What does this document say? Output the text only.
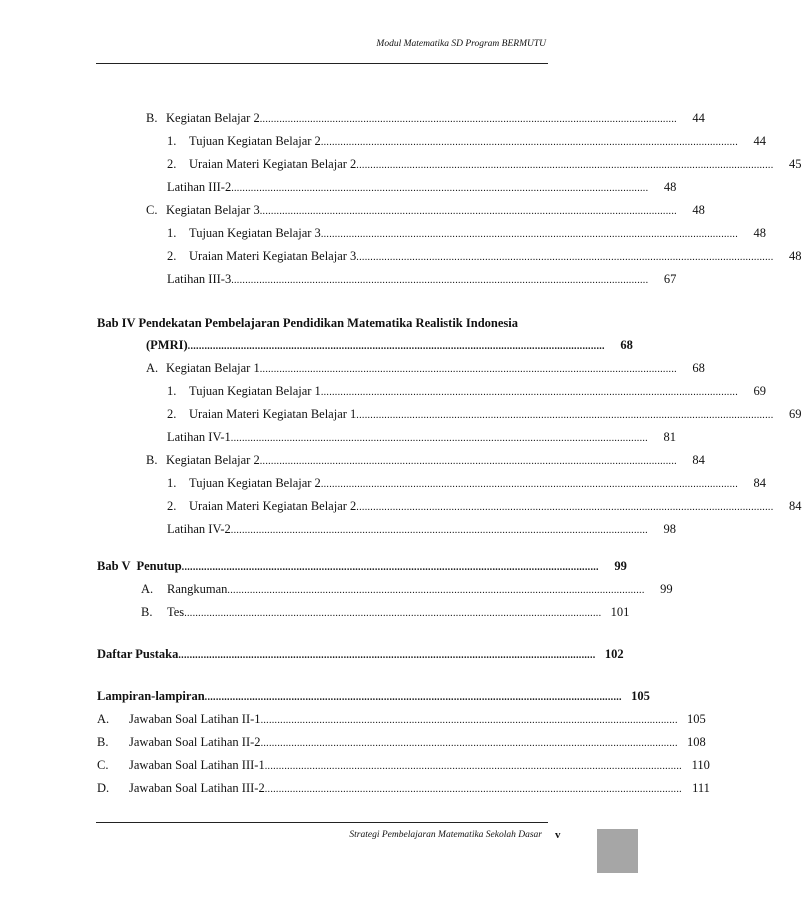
Modul Matematika SD Program BERMUTU
B. Kegiatan Belajar 2 .....................................................................................................................................................	44
1.	Tujuan Kegiatan Belajar 2 .....................................................................................................................................................	44
2.	Uraian Materi Kegiatan Belajar 2 .....................................................................................................................................................	45
Latihan III-2 .....................................................................................................................................................	48
C. Kegiatan Belajar 3 .....................................................................................................................................................	48
1.	Tujuan Kegiatan Belajar 3 .....................................................................................................................................................	48
2.	Uraian Materi Kegiatan Belajar 3 .....................................................................................................................................................	48
Latihan III-3 .....................................................................................................................................................	67
Bab IV Pendekatan Pembelajaran Pendidikan Matematika Realistik Indonesia
(PMRI) .....................................................................................................................................................	68
A. Kegiatan Belajar 1 .....................................................................................................................................................	68
1.	Tujuan Kegiatan Belajar 1 .....................................................................................................................................................	69
2.	Uraian Materi Kegiatan Belajar 1 .....................................................................................................................................................	69
Latihan IV-1 .....................................................................................................................................................	81
B. Kegiatan Belajar 2 .....................................................................................................................................................	84
1.	Tujuan Kegiatan Belajar 2 .....................................................................................................................................................	84
2.	Uraian Materi Kegiatan Belajar 2 .....................................................................................................................................................	84
Latihan IV-2 .....................................................................................................................................................	98
Bab V  Penutup .....................................................................................................................................................	99
A.	Rangkuman .....................................................................................................................................................	99
B.	Tes ..................................................................................................................................................... 101
Daftar Pustaka ..................................................................................................................................................... 102
Lampiran-lampiran ..................................................................................................................................................... 105
A.	Jawaban Soal Latihan II-1 ..................................................................................................................................................... 105
B.	Jawaban Soal Latihan II-2 ..................................................................................................................................................... 108
C.	Jawaban Soal Latihan III-1 ..................................................................................................................................................... 110
D.	Jawaban Soal Latihan III-2 ..................................................................................................................................................... 111
Strategi Pembelajaran Matematika Sekolah Dasar v
